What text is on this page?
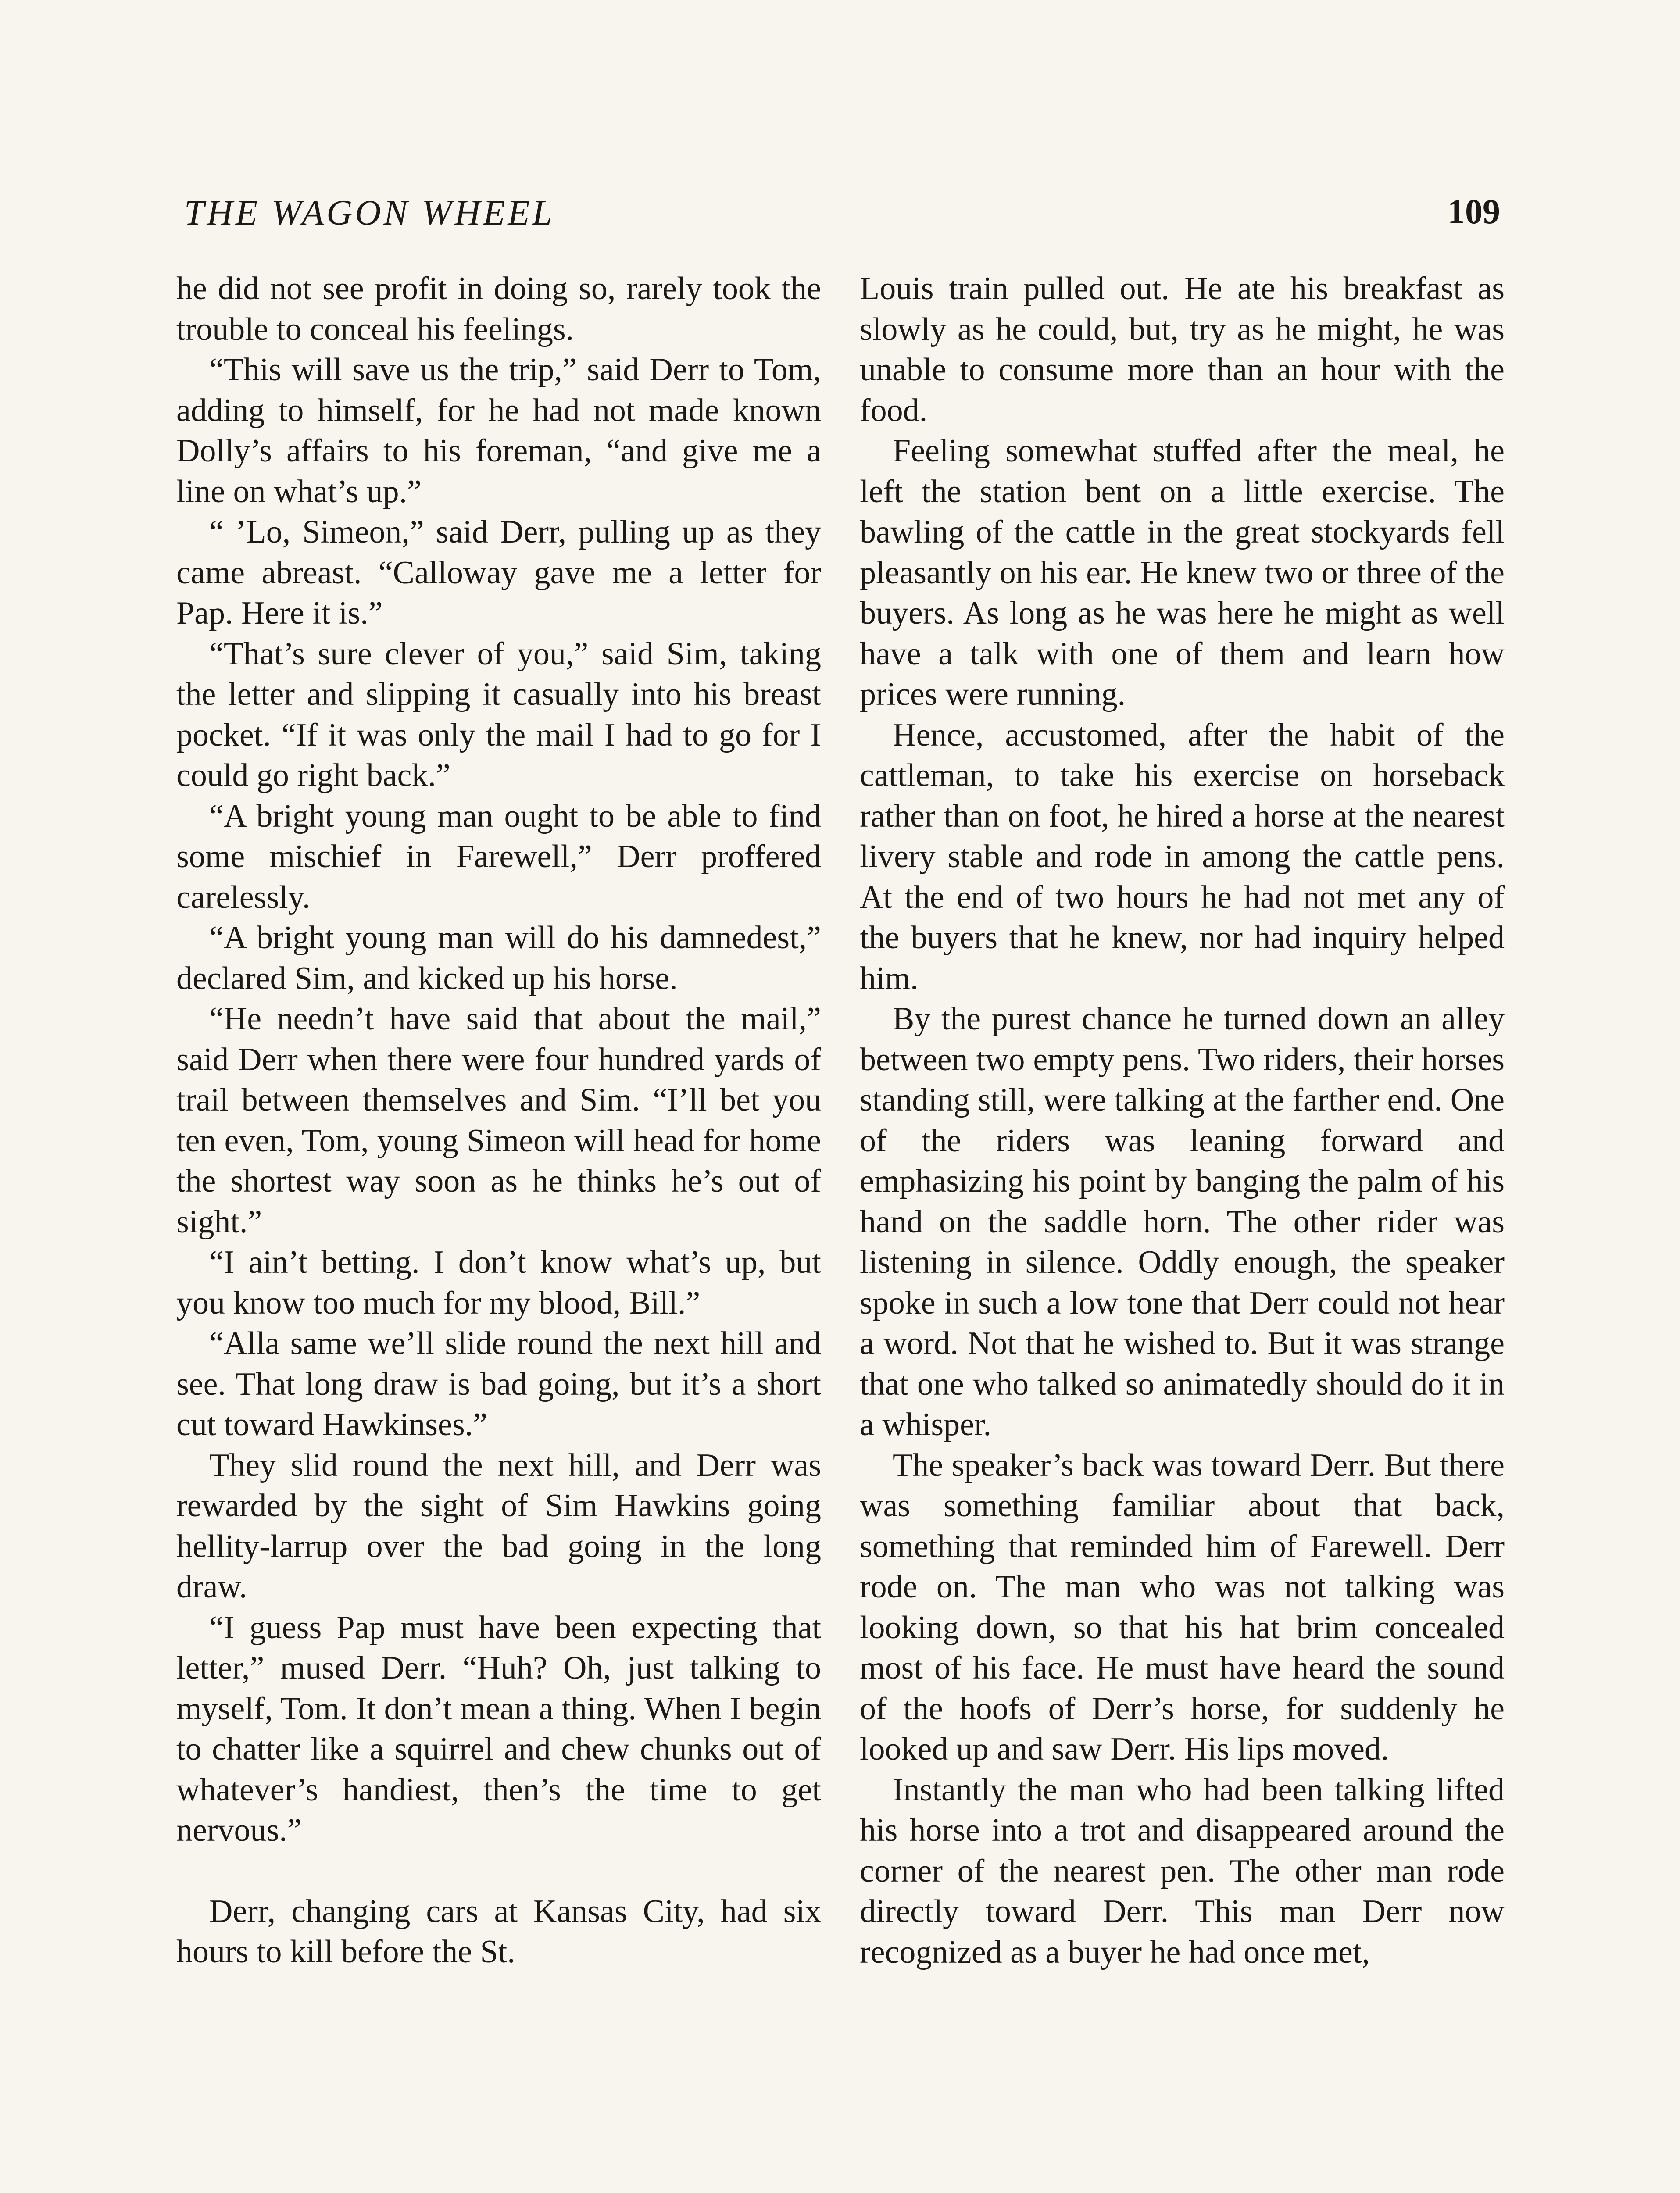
THE WAGON WHEEL	109

he did not see profit in doing so, rarely took the trouble to conceal his feelings.

“This will save us the trip,” said Derr to Tom, adding to himself, for he had not made known Dolly’s affairs to his foreman, “and give me a line on what’s up.”

“ ’Lo, Simeon,” said Derr, pulling up as they came abreast. “Calloway gave me a letter for Pap. Here it is.”

“That’s sure clever of you,” said Sim, taking the letter and slipping it casually into his breast pocket. “If it was only the mail I had to go for I could go right back.”

“A bright young man ought to be able to find some mischief in Farewell,” Derr proffered carelessly.

“A bright young man will do his damnedest,” declared Sim, and kicked up his horse.

“He needn’t have said that about the mail,” said Derr when there were four hundred yards of trail between themselves and Sim. “I’ll bet you ten even, Tom, young Simeon will head for home the shortest way soon as he thinks he’s out of sight.”

“I ain’t betting. I don’t know what’s up, but you know too much for my blood, Bill.”

“Alla same we’ll slide round the next hill and see. That long draw is bad going, but it’s a short cut toward Hawkinses.”

They slid round the next hill, and Derr was rewarded by the sight of Sim Hawkins going hellity-larrup over the bad going in the long draw.

“I guess Pap must have been expecting that letter,” mused Derr. “Huh? Oh, just talking to myself, Tom. It don’t mean a thing. When I begin to chatter like a squirrel and chew chunks out of whatever’s handiest, then’s the time to get nervous.”

Derr, changing cars at Kansas City, had six hours to kill before the St.

Louis train pulled out. He ate his breakfast as slowly as he could, but, try as he might, he was unable to consume more than an hour with the food.

Feeling somewhat stuffed after the meal, he left the station bent on a little exercise. The bawling of the cattle in the great stockyards fell pleasantly on his ear. He knew two or three of the buyers. As long as he was here he might as well have a talk with one of them and learn how prices were running.

Hence, accustomed, after the habit of the cattleman, to take his exercise on horseback rather than on foot, he hired a horse at the nearest livery stable and rode in among the cattle pens. At the end of two hours he had not met any of the buyers that he knew, nor had inquiry helped him.

By the purest chance he turned down an alley between two empty pens. Two riders, their horses standing still, were talking at the farther end. One of the riders was leaning forward and emphasizing his point by banging the palm of his hand on the saddle horn. The other rider was listening in silence. Oddly enough, the speaker spoke in such a low tone that Derr could not hear a word. Not that he wished to. But it was strange that one who talked so animatedly should do it in a whisper.

The speaker’s back was toward Derr. But there was something familiar about that back, something that reminded him of Farewell. Derr rode on. The man who was not talking was looking down, so that his hat brim concealed most of his face. He must have heard the sound of the hoofs of Derr’s horse, for suddenly he looked up and saw Derr. His lips moved.

Instantly the man who had been talking lifted his horse into a trot and disappeared around the corner of the nearest pen. The other man rode directly toward Derr. This man Derr now recognized as a buyer he had once met,
